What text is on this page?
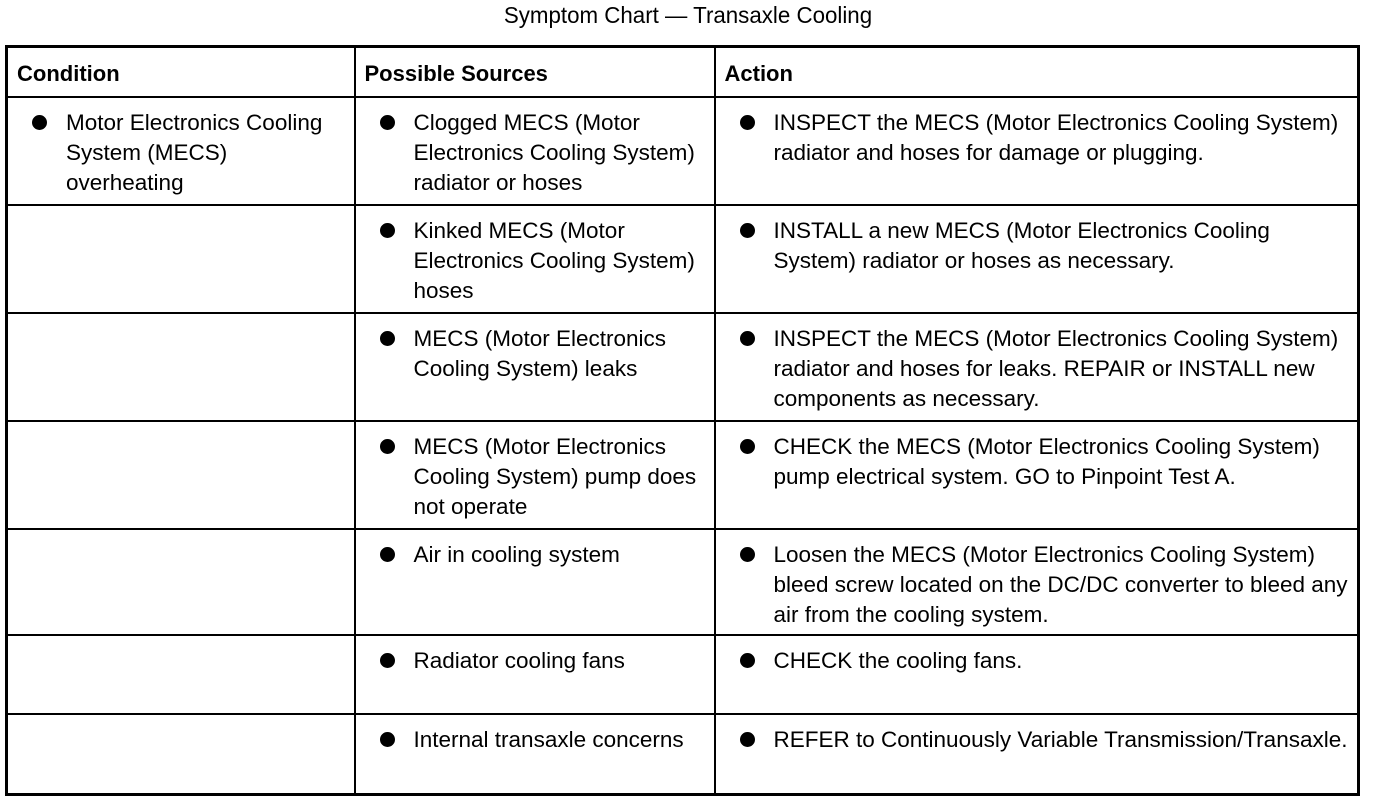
Symptom Chart — Transaxle Cooling
Condition	Possible Sources	Action

Motor Electronics Cooling System (MECS) overheating	Clogged MECS (Motor Electronics Cooling System) radiator or hoses	INSPECT the MECS (Motor Electronics Cooling System) radiator and hoses for damage or plugging.

	Kinked MECS (Motor Electronics Cooling System) hoses	INSTALL a new MECS (Motor Electronics Cooling System) radiator or hoses as necessary.

	MECS (Motor Electronics Cooling System) leaks	INSPECT the MECS (Motor Electronics Cooling System) radiator and hoses for leaks. REPAIR or INSTALL new components as necessary.

	MECS (Motor Electronics Cooling System) pump does not operate	CHECK the MECS (Motor Electronics Cooling System) pump electrical system. GO to Pinpoint Test A.

	Air in cooling system	Loosen the MECS (Motor Electronics Cooling System) bleed screw located on the DC/DC converter to bleed any air from the cooling system.

	Radiator cooling fans	CHECK the cooling fans.

	Internal transaxle concerns	REFER to Continuously Variable Transmission/Transaxle.
